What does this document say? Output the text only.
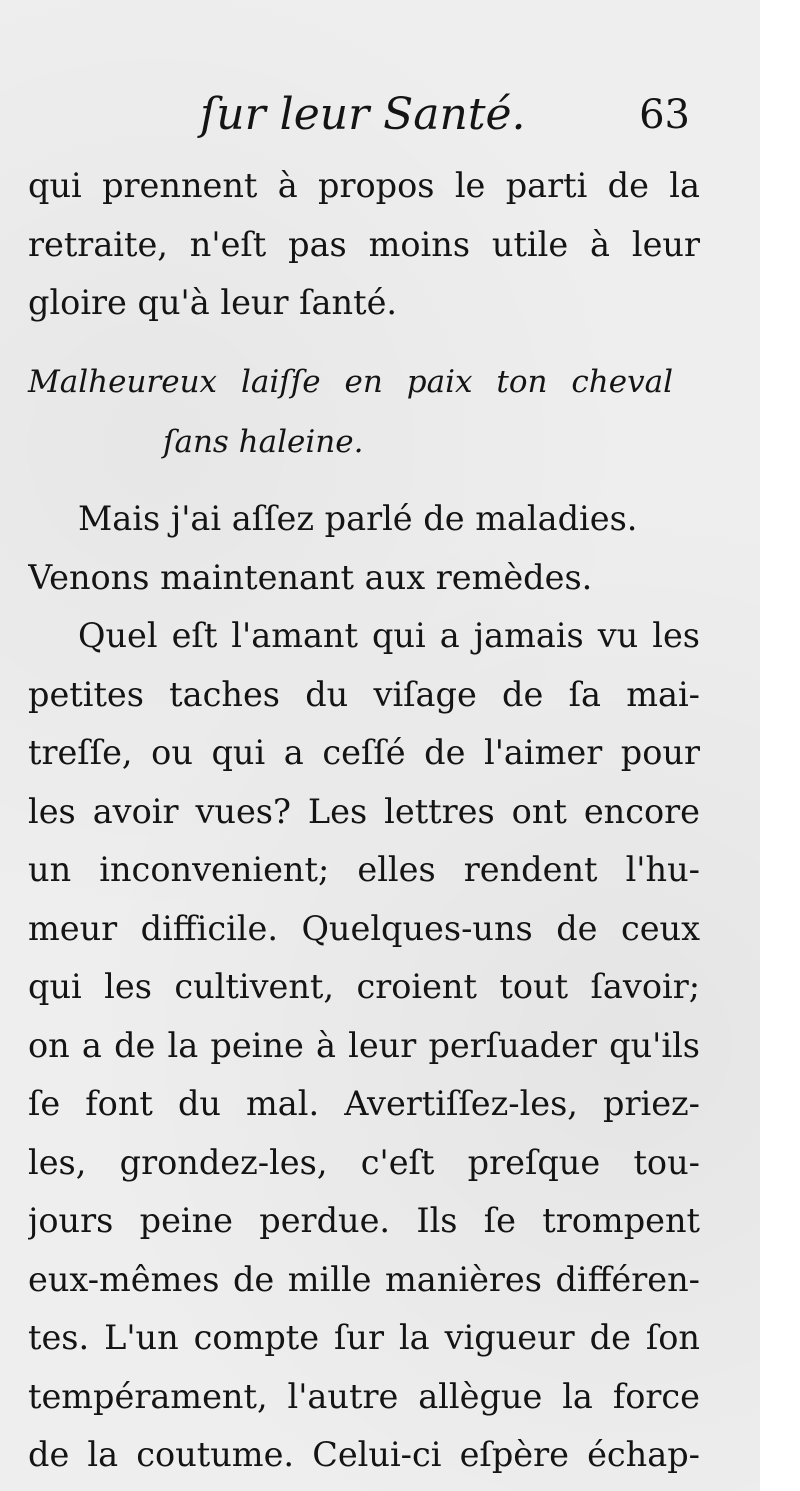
ſur leur Santé.	63
qui prennent à propos le parti de la
retraite, n'eſt pas moins utile à leur
gloire qu'à leur ſanté.
Malheureux laiſſe en paix ton cheval
ſans haleine.
Mais j'ai aſſez parlé de maladies.
Venons maintenant aux remèdes.
Quel eſt l'amant qui a jamais vu les
petites taches du viſage de ſa mai-
treſſe, ou qui a ceſſé de l'aimer pour
les avoir vues? Les lettres ont encore
un inconvenient; elles rendent l'hu-
meur difficile. Quelques-uns de ceux
qui les cultivent, croient tout ſavoir;
on a de la peine à leur perſuader qu'ils
ſe font du mal. Avertiſſez-les, priez-
les, grondez-les, c'eſt preſque tou-
jours peine perdue. Ils ſe trompent
eux-mêmes de mille manières différen-
tes. L'un compte ſur la vigueur de ſon
tempérament, l'autre allègue la force
de la coutume. Celui-ci eſpère échap-
